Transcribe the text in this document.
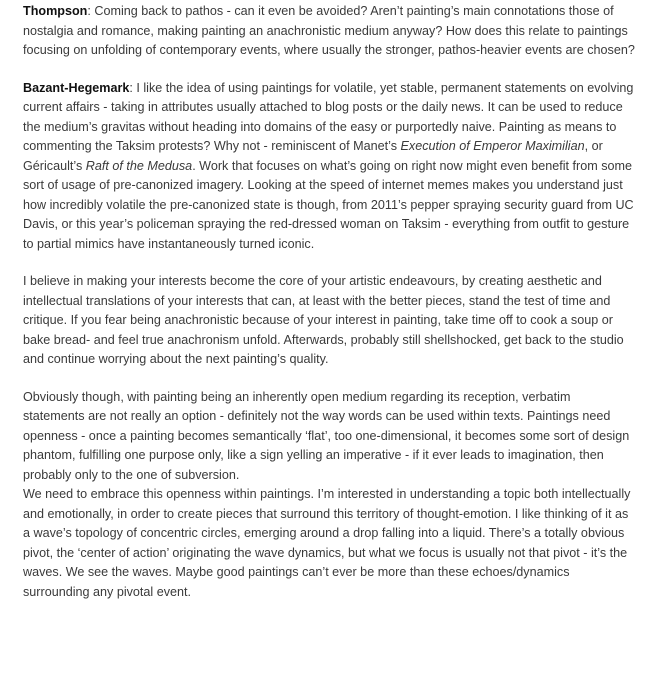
Thompson: Coming back to pathos - can it even be avoided? Aren’t painting’s main connotations those of nostalgia and romance, making painting an anachronistic medium anyway? How does this relate to paintings focusing on unfolding of contemporary events, where usually the stronger, pathos-heavier events are chosen?

Bazant-Hegemark: I like the idea of using paintings for volatile, yet stable, permanent statements on evolving current affairs - taking in attributes usually attached to blog posts or the daily news. It can be used to reduce the medium’s gravitas without heading into domains of the easy or purportedly naive. Painting as means to commenting the Taksim protests? Why not - reminiscent of Manet’s Execution of Emperor Maximilian, or Géricault’s Raft of the Medusa. Work that focuses on what’s going on right now might even benefit from some sort of usage of pre-canonized imagery. Looking at the speed of internet memes makes you understand just how incredibly volatile the pre-canonized state is though, from 2011’s pepper spraying security guard from UC Davis, or this year’s policeman spraying the red-dressed woman on Taksim - everything from outfit to gesture to partial mimics have instantaneously turned iconic.

I believe in making your interests become the core of your artistic endeavours, by creating aesthetic and intellectual translations of your interests that can, at least with the better pieces, stand the test of time and critique. If you fear being anachronistic because of your interest in painting, take time off to cook a soup or bake bread- and feel true anachronism unfold. Afterwards, probably still shellshocked, get back to the studio and continue worrying about the next painting’s quality.

Obviously though, with painting being an inherently open medium regarding its reception, verbatim statements are not really an option - definitely not the way words can be used within texts. Paintings need openness - once a painting becomes semantically ‘flat’, too one-dimensional, it becomes some sort of design phantom, fulfilling one purpose only, like a sign yelling an imperative - if it ever leads to imagination, then probably only to the one of subversion.

We need to embrace this openness within paintings. I’m interested in understanding a topic both intellectually and emotionally, in order to create pieces that surround this territory of thought-emotion. I like thinking of it as a wave’s topology of concentric circles, emerging around a drop falling into a liquid. There’s a totally obvious pivot, the ‘center of action’ originating the wave dynamics, but what we focus is usually not that pivot - it’s the waves. We see the waves. Maybe good paintings can’t ever be more than these echoes/dynamics surrounding any pivotal event.
